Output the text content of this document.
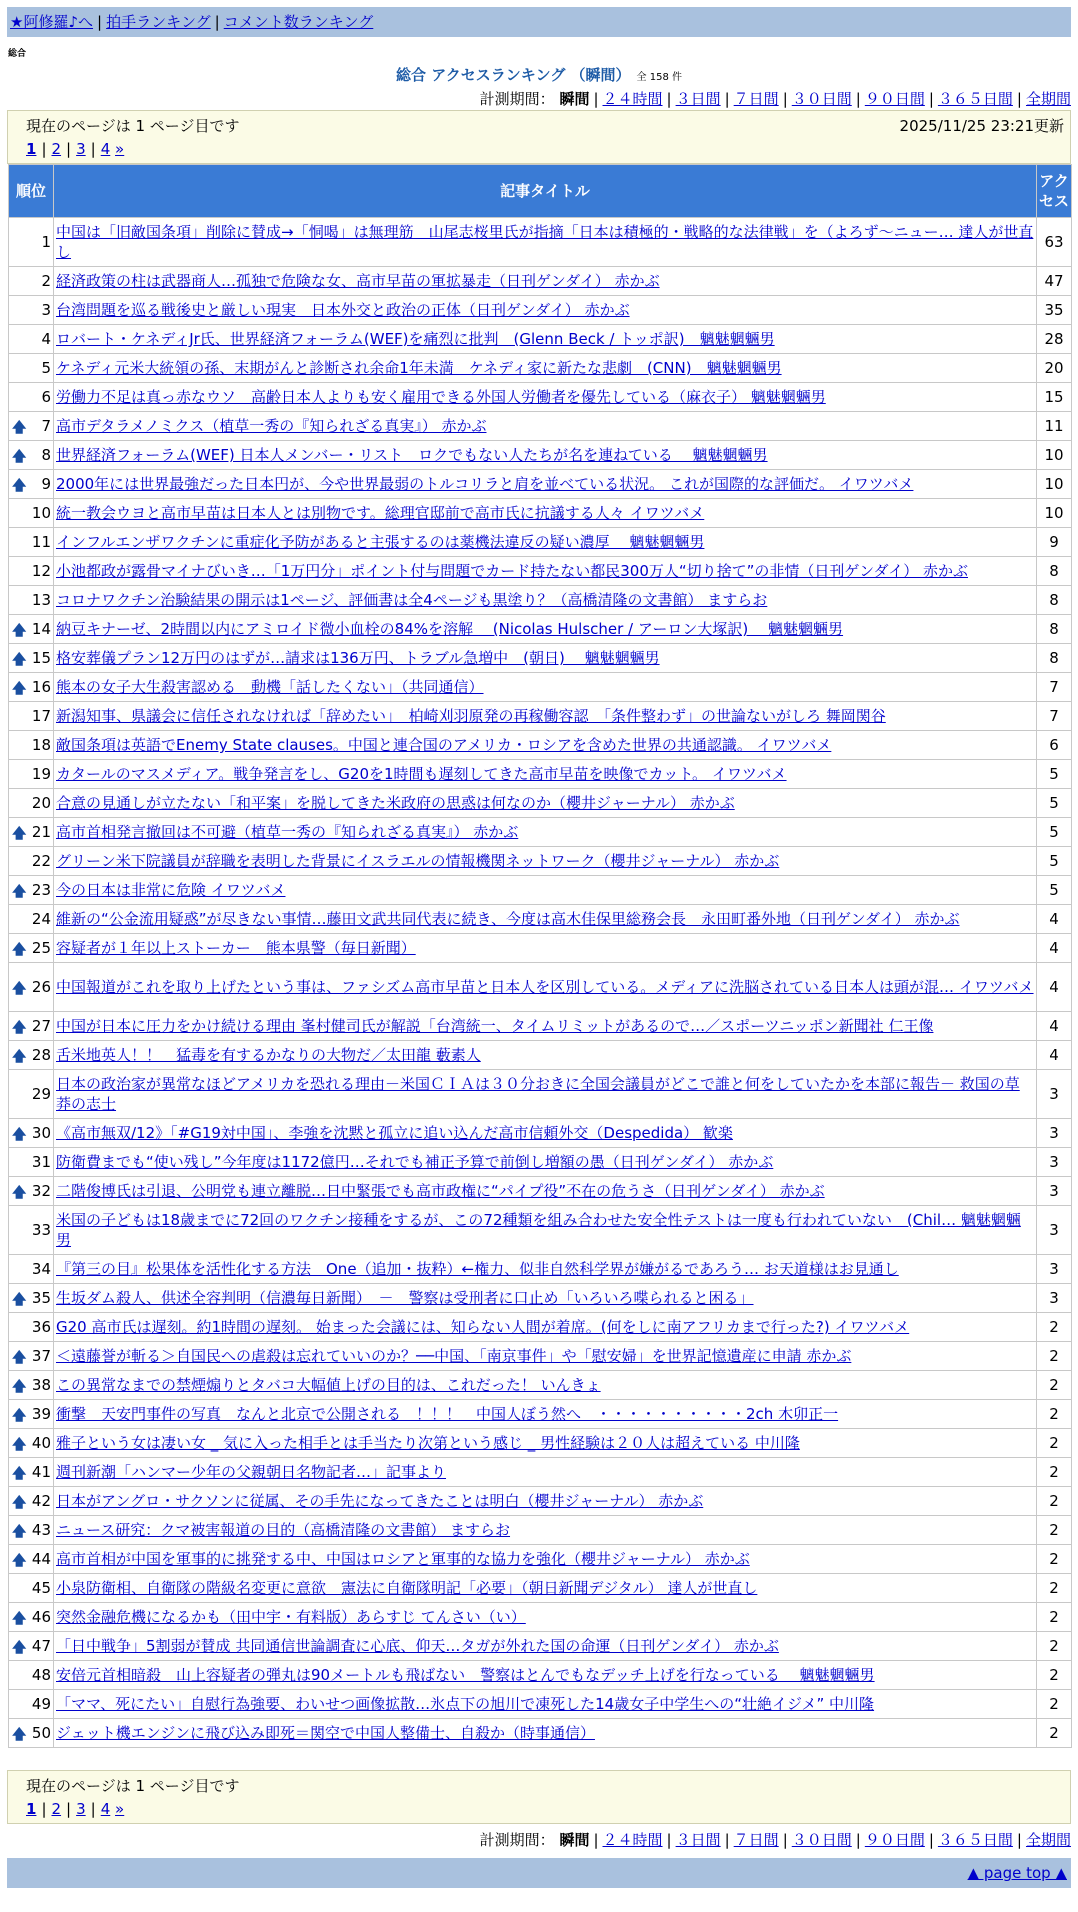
★阿修羅♪へ | 拍手ランキング | コメント数ランキング
総合
総合 アクセスランキング （瞬間） 全 158 件
計測期間： 瞬間 | ２４時間 | ３日間 | ７日間 | ３０日間 | ９０日間 | ３６５日間 | 全期間
現在のページは 1 ページ目です	2025/11/25 23:21更新
1 | 2 | 3 | 4 »
順位	記事タイトル	アクセス
1	中国は「旧敵国条項」削除に賛成→「恫喝」は無理筋　山尾志桜里氏が指摘「日本は積極的・戦略的な法律戦」を（よろず～ニュー… 達人が世直し	63
2	経済政策の柱は武器商人…孤独で危険な女、高市早苗の軍拡暴走（日刊ゲンダイ） 赤かぶ	47
3	台湾問題を巡る戦後史と厳しい現実　日本外交と政治の正体（日刊ゲンダイ） 赤かぶ	35
4	ロバート・ケネディJr氏、世界経済フォーラム(WEF)を痛烈に批判　(Glenn Beck / トッポ訳)　魑魅魍魎男	28
5	ケネディ元米大統領の孫、末期がんと診断され余命1年未満　ケネディ家に新たな悲劇　(CNN)　魑魅魍魎男	20
6	労働力不足は真っ赤なウソ　高齢日本人よりも安く雇用できる外国人労働者を優先している（麻衣子） 魑魅魍魎男	15

🡅 7	高市デタラメノミクス（植草一秀の『知られざる真実』） 赤かぶ	11

🡅 8	世界経済フォーラム(WEF) 日本人メンバー・リスト　ロクでもない人たちが名を連ねている　 魑魅魍魎男	10

🡅 9	2000年には世界最強だった日本円が、今や世界最弱のトルコリラと肩を並べている状況。 これが国際的な評価だ。 イワツバメ	10
10	統一教会ウヨと高市早苗は日本人とは別物です。総理官邸前で高市氏に抗議する人々 イワツバメ	10
11	インフルエンザワクチンに重症化予防があると主張するのは薬機法違反の疑い濃厚　 魑魅魍魎男	9
12	小池都政が露骨マイナびいき…「1万円分」ポイント付与問題でカード持たない都民300万人“切り捨て”の非情（日刊ゲンダイ） 赤かぶ	8
13	コロナワクチン治験結果の開示は1ページ、評価書は全4ページも黒塗り？（高橋清隆の文書館） ますらお	8

🡅 14	納豆キナーゼ、2時間以内にアミロイド微小血栓の84%を溶解　 (Nicolas Hulscher / アーロン大塚訳)　 魑魅魍魎男	8

🡅 15	格安葬儀プラン12万円のはずが…請求は136万円、トラブル急増中　(朝日)　 魑魅魍魎男	8

🡅 16	熊本の女子大生殺害認める　動機「話したくない」（共同通信）	7
17	新潟知事、県議会に信任されなければ「辞めたい」　柏崎刈羽原発の再稼働容認　「条件整わず」の世論ないがしろ 舞岡関谷	7
18	敵国条項は英語でEnemy State clauses。中国と連合国のアメリカ・ロシアを含めた世界の共通認識。 イワツバメ	6
19	カタールのマスメディア。戦争発言をし、G20を1時間も遅刻してきた高市早苗を映像でカット。 イワツバメ	5
20	合意の見通しが立たない「和平案」を脱してきた米政府の思惑は何なのか（櫻井ジャーナル） 赤かぶ	5

🡅 21	高市首相発言撤回は不可避（植草一秀の『知られざる真実』） 赤かぶ	5
22	グリーン米下院議員が辞職を表明した背景にイスラエルの情報機関ネットワーク（櫻井ジャーナル） 赤かぶ	5

🡅 23	今の日本は非常に危険 イワツバメ	5
24	維新の“公金流用疑惑”が尽きない事情…藤田文武共同代表に続き、今度は高木佳保里総務会長　永田町番外地（日刊ゲンダイ） 赤かぶ	4

🡅 25	容疑者が１年以上ストーカー　熊本県警（毎日新聞）	4

🡅 26	中国報道がこれを取り上げたという事は、ファシズム高市早苗と日本人を区別している。メディアに洗脳されている日本人は頭が混… イワツバメ	4

🡅 27	中国が日本に圧力をかけ続ける理由 峯村健司氏が解説「台湾統一、タイムリミットがあるので…／スポーツニッポン新聞社 仁王像	4

🡅 28	舌米地英人！！　猛毒を有するかなりの大物だ／太田龍 藪素人	4
29	日本の政治家が異常なほどアメリカを恐れる理由－米国ＣＩＡは３０分おきに全国会議員がどこで誰と何をしていたかを本部に報告－ 救国の草莽の志士	3

🡅 30	《高市無双/12》「#G19対中国」、李強を沈黙と孤立に追い込んだ高市信頼外交（Despedida） 歓楽	3
31	防衛費までも“使い残し”今年度は1172億円…それでも補正予算で前倒し増額の愚（日刊ゲンダイ） 赤かぶ	3

🡅 32	二階俊博氏は引退、公明党も連立離脱…日中緊張でも高市政権に“パイプ役”不在の危うさ（日刊ゲンダイ） 赤かぶ	3
33	米国の子どもは18歳までに72回のワクチン接種をするが、この72種類を組み合わせた安全性テストは一度も行われていない　(Chil… 魑魅魍魎男	3
34	『第三の目』松果体を活性化する方法　One（追加・抜粋）←権力、似非自然科学界が嫌がるであろう… お天道様はお見通し	3

🡅 35	生坂ダム殺人、供述全容判明（信濃毎日新聞）　－　警察は受刑者に口止め「いろいろ喋られると困る」	3
36	G20 高市氏は遅刻。約1時間の遅刻。 始まった会議には、知らない人間が着席。(何をしに南アフリカまで行った?) イワツバメ	2

🡅 37	＜遠藤誉が斬る＞自国民への虐殺は忘れていいのか？──中国、「南京事件」や「慰安婦」を世界記憶遺産に申請 赤かぶ	2

🡅 38	この異常なまでの禁煙煽りとタバコ大幅値上げの目的は、これだった！ いんきょ	2

🡅 39	衝撃　天安門事件の写真　なんと北京で公開される　！！！　中国人ぼう然へ　・・・・・・・・・・2ch 木卯正一	2

🡅 40	雅子という女は凄い女 _ 気に入った相手とは手当たり次第という感じ _ 男性経験は２０人は超えている 中川隆	2

🡅 41	週刊新潮「ハンマー少年の父親朝日名物記者…」記事より	2

🡅 42	日本がアングロ・サクソンに従属、その手先になってきたことは明白（櫻井ジャーナル） 赤かぶ	2

🡅 43	ニュース研究：クマ被害報道の目的（高橋清隆の文書館） ますらお	2

🡅 44	高市首相が中国を軍事的に挑発する中、中国はロシアと軍事的な協力を強化（櫻井ジャーナル） 赤かぶ	2
45	小泉防衛相、自衛隊の階級名変更に意欲　憲法に自衛隊明記「必要」（朝日新聞デジタル） 達人が世直し	2

🡅 46	突然金融危機になるかも（田中宇・有料版）あらすじ てんさい（い）	2

🡅 47	「日中戦争」5割弱が賛成 共同通信世論調査に心底、仰天…タガが外れた国の命運（日刊ゲンダイ） 赤かぶ	2
48	安倍元首相暗殺　山上容疑者の弾丸は90メートルも飛ばない　警察はとんでもなデッチ上げを行なっている　 魑魅魍魎男	2
49	「ママ、死にたい」自慰行為強要、わいせつ画像拡散…氷点下の旭川で凍死した14歳女子中学生への“壮絶イジメ” 中川隆	2

🡅 50	ジェット機エンジンに飛び込み即死＝関空で中国人整備士、自殺か（時事通信）	2
現在のページは 1 ページ目です
1 | 2 | 3 | 4 »
計測期間： 瞬間 | ２４時間 | ３日間 | ７日間 | ３０日間 | ９０日間 | ３６５日間 | 全期間
▲ page top ▲
